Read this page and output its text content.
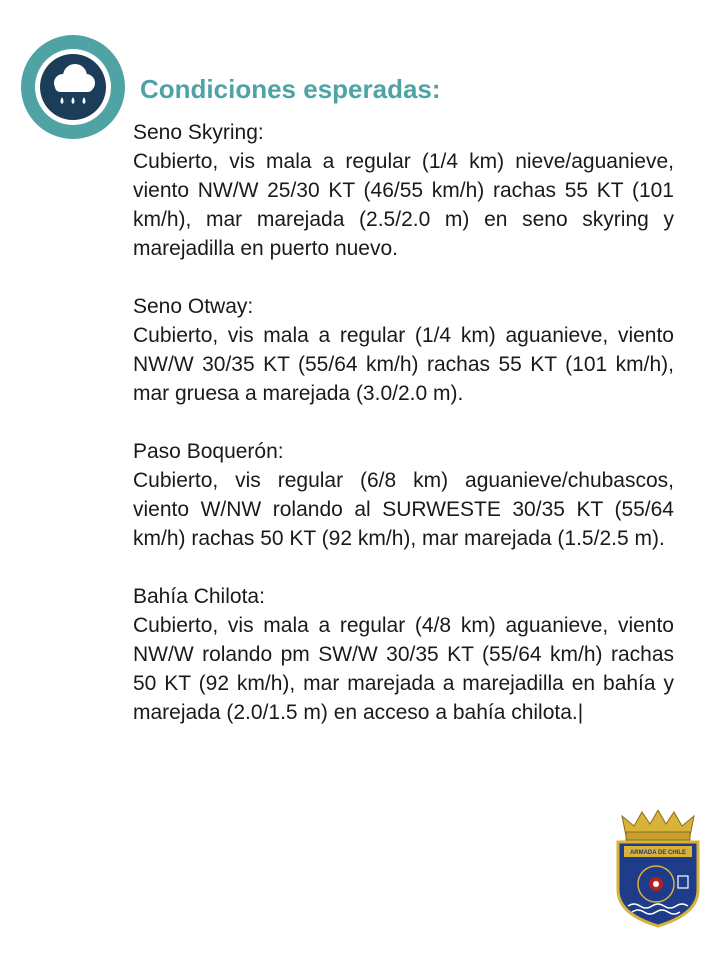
Condiciones esperadas:
Seno Skyring:
Cubierto, vis mala a regular (1/4 km) nieve/aguanieve, viento NW/W 25/30 KT (46/55 km/h) rachas 55 KT (101 km/h), mar marejada (2.5/2.0 m) en seno skyring y marejadilla en puerto nuevo.
Seno Otway:
Cubierto, vis mala a regular (1/4 km) aguanieve, viento NW/W 30/35 KT (55/64 km/h) rachas 55 KT (101 km/h), mar gruesa a marejada (3.0/2.0 m).
Paso Boquerón:
Cubierto, vis regular (6/8 km) aguanieve/chubascos, viento W/NW rolando al SURWESTE 30/35 KT (55/64 km/h) rachas 50 KT (92 km/h), mar marejada (1.5/2.5 m).
Bahía Chilota:
Cubierto, vis mala a regular (4/8 km) aguanieve, viento NW/W rolando pm SW/W 30/35 KT (55/64 km/h) rachas 50 KT (92 km/h), mar marejada a marejadilla en bahía y marejada (2.0/1.5 m) en acceso a bahía chilota.|
ARMADA DE CHILE
